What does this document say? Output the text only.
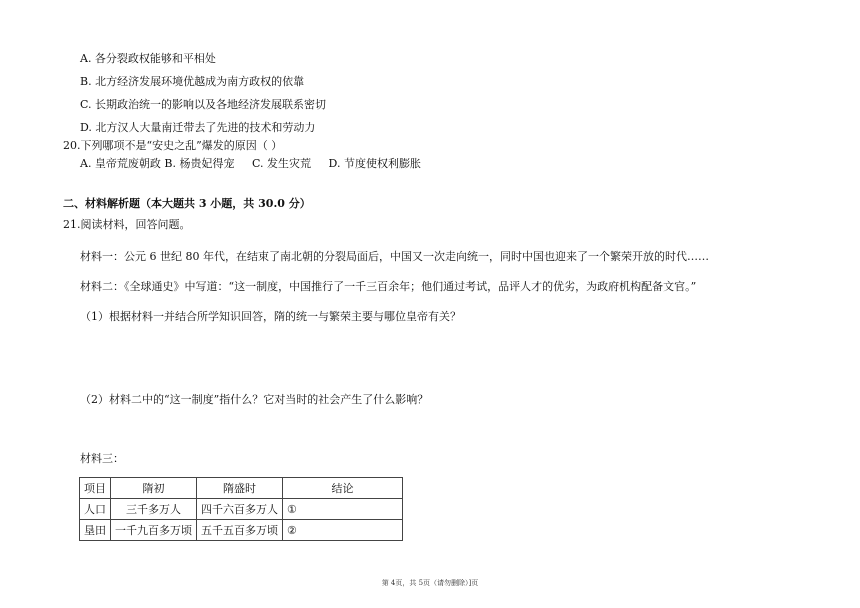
A. 各分裂政权能够和平相处
B. 北方经济发展环境优越成为南方政权的依靠
C. 长期政治统一的影响以及各地经济发展联系密切
D. 北方汉人大量南迁带去了先进的技术和劳动力
20.下列哪项不是“安史之乱”爆发的原因（ ）
A. 皇帝荒废朝政 B. 杨贵妃得宠 C. 发生灾荒 D. 节度使权利膨胀
二、材料解析题（本大题共 3 小题，共 30.0 分）
21.阅读材料，回答问题。
材料一：公元 6 世纪 80 年代，在结束了南北朝的分裂局面后，中国又一次走向统一，同时中国也迎来了一个繁荣开放的时代……
材料二：《全球通史》中写道：“这一制度，中国推行了一千三百余年；他们通过考试，品评人才的优劣，为政府机构配备文官。”
（1）根据材料一并结合所学知识回答，隋的统一与繁荣主要与哪位皇帝有关？
（2）材料二中的“这一制度”指什么？它对当时的社会产生了什么影响？
材料三：
项目	隋初	隋盛时	结论
人口	三千多万人	四千六百多万人	①
垦田	一千九百多万顷	五千五百多万顷	②
第 4页，共 5页（请勿删除）]页
